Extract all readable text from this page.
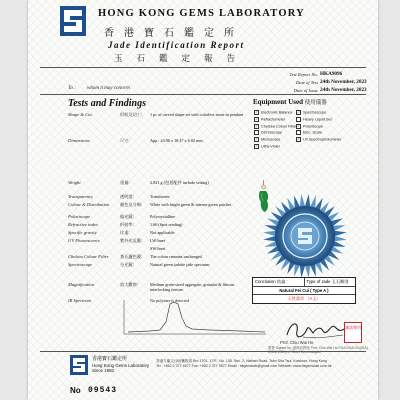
HONG KONG GEMS LABORATORY
香港寶石鑑定所
Jade Identification Report
玉石鑑定報告
Test Report No. HKA9096
Date of Test 24th November, 2023
Date of Issue 24th November, 2023
To : whom it may concern
Tests and Findings	Equipment Used 使用儀器
✓ Electronic Balance	✓ Spectroscope
✓ Refractometer	Heavy Liquid Set
✓ Chelsea Colour Filter ✓ Polariscope
Dichroscope	Elec. Scale
✓ Microscope	✓ I.R.Spectrophotometer
✓ Ultra-Violet
Shape & Cut	形狀及切工: 1 pc of carved shape set with colorless stone in pendant
Dimensions	尺寸:	App.: 24.96 x 10.47 x 6.02 mm
Weight	重量:	2.841 g (包括配件 include setting)
Transparency	透明度:	Translucent
Colour & Distribution	顏色及分佈: White with bright green & intense green patches
Polariscope	偏光鏡:	Polycrystalline
Refractive index	折射率:	1.66 (Spot reading)
Specific gravity	比重:	Not applicable
UV Fluorescence	紫外光反應: LW:Inert
SW:Inert
Chelsea Colour Filter	查氏濾色鏡: The colour remains unchanged.
Spectroscope	分光鏡:	Natural green jadeite jade spectrum
Magnification	放大觀察:	Medium grain-sized aggregate, granular & fibrous interlocking texture.
Conclusion 結論 :	Type of Jade 玉石類別
Natural Fei Cui ( Type A )
天然翡翠 （A玉）
IR Spectrum	No polymer is detected
測試專用
Prof. Chiu Wai Ho
簽署 Signed by: 趙偉浩教授 Prof. Chiu Wai Ho FGA DGA GG(GIA) CGL(HKGL) — Chief Gemmologist
香港寶石鑑定所
Hong Kong Gems Laboratory
Since 1993
香港九龍尖沙咀彌敦道 Rm 1701, 17/F., No. 135, Sec. 2, Nathan Road, Tsim Sha Tsui, Kowloon, Hong Kong
Tel : +852 2 377 4677 Fax: +852 2 377 5577 Email : hkgemslab@gmail.com Website: www.hkgemslab.com.hk
No 09543
